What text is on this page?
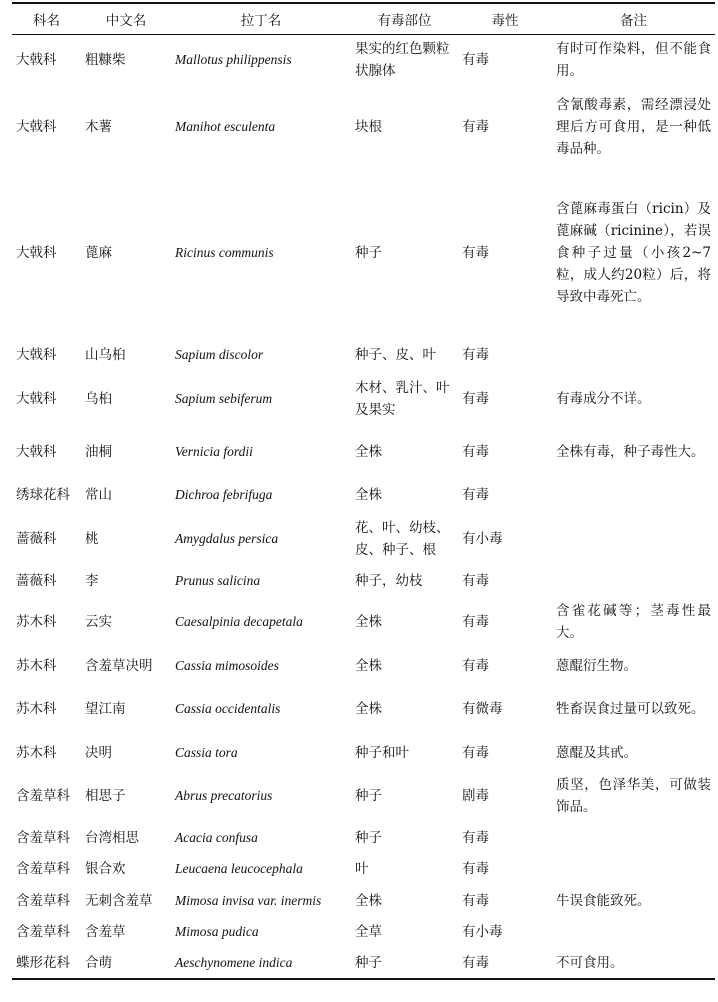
科名	中文名	拉丁名	有毒部位	毒性	备注
大戟科	粗糠柴	Mallotus philippensis	果实的红色颗粒状腺体	有毒	有时可作染料，但不能食用。
大戟科	木薯	Manihot esculenta	块根	有毒	含氰酸毒素，需经漂浸处理后方可食用，是一种低毒品种。
大戟科	蓖麻	Ricinus communis	种子	有毒	含蓖麻毒蛋白（ricin）及蓖麻碱（ricinine），若误食种子过量（小孩2~7粒，成人约20粒）后，将导致中毒死亡。
大戟科	山乌桕	Sapium discolor	种子、皮、叶	有毒	
大戟科	乌桕	Sapium sebiferum	木材、乳汁、叶及果实	有毒	有毒成分不详。
大戟科	油桐	Vernicia fordii	全株	有毒	全株有毒，种子毒性大。
绣球花科	常山	Dichroa febrifuga	全株	有毒	
蔷薇科	桃	Amygdalus persica	花、叶、幼枝、皮、种子、根	有小毒	
蔷薇科	李	Prunus salicina	种子，幼枝	有毒	
苏木科	云实	Caesalpinia decapetala	全株	有毒	含雀花碱等；茎毒性最大。
苏木科	含羞草决明	Cassia mimosoides	全株	有毒	蒽醌衍生物。
苏木科	望江南	Cassia occidentalis	全株	有微毒	牲畜误食过量可以致死。
苏木科	决明	Cassia tora	种子和叶	有毒	蒽醌及其甙。
含羞草科	相思子	Abrus precatorius	种子	剧毒	质坚，色泽华美，可做装饰品。
含羞草科	台湾相思	Acacia confusa	种子	有毒	
含羞草科	银合欢	Leucaena leucocephala	叶	有毒	
含羞草科	无刺含羞草	Mimosa invisa var. inermis	全株	有毒	牛误食能致死。
含羞草科	含羞草	Mimosa pudica	全草	有小毒	
蝶形花科	合萌	Aeschynomene indica	种子	有毒	不可食用。
